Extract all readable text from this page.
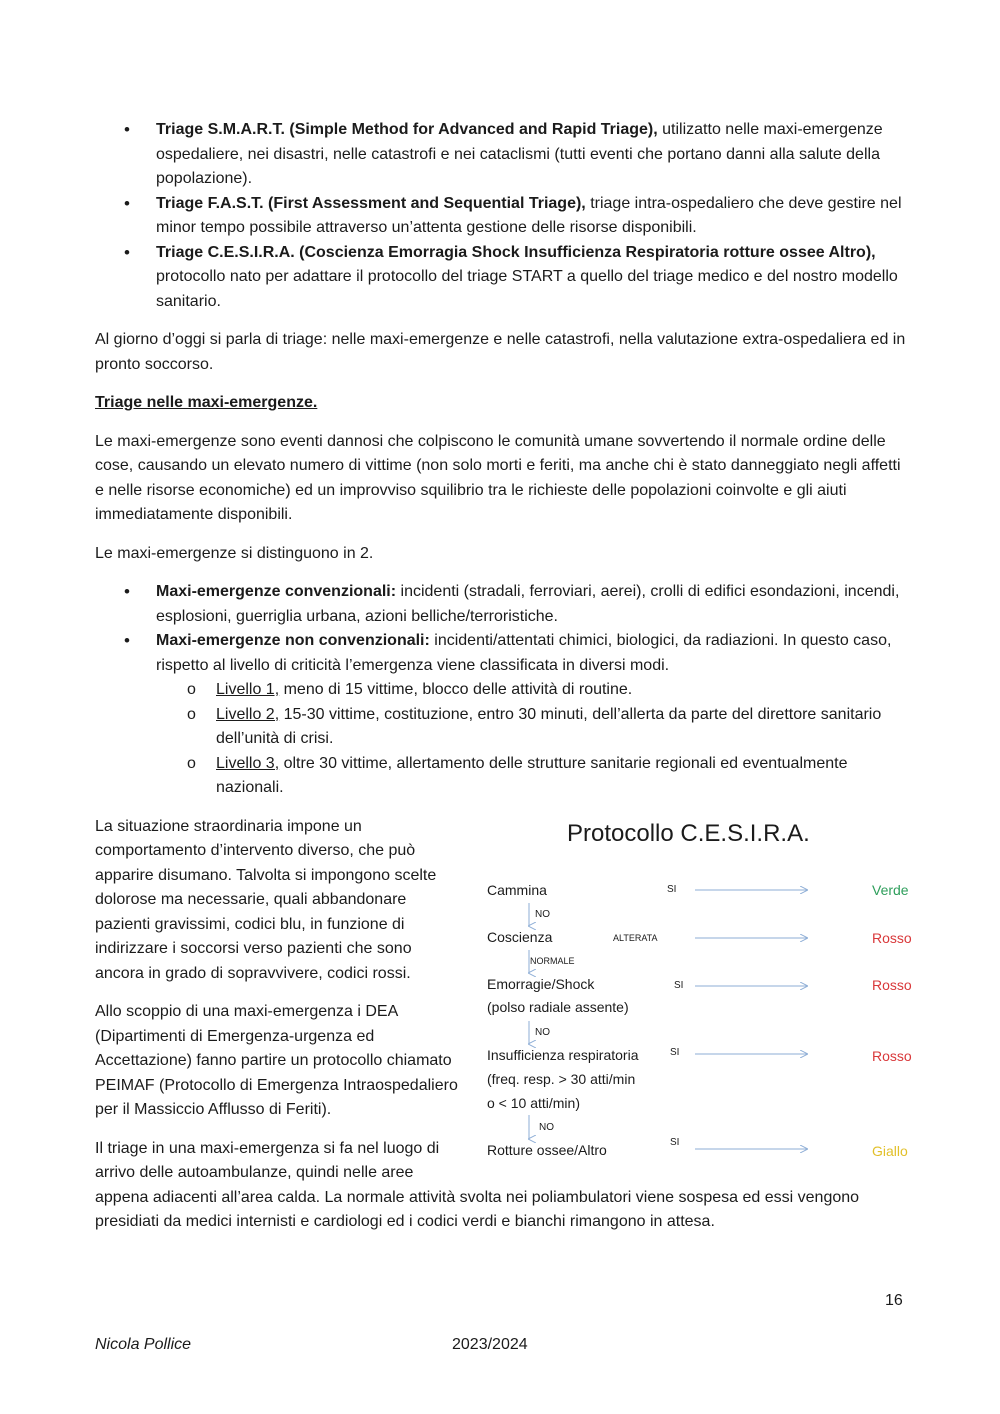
• Triage S.M.A.R.T. (Simple Method for Advanced and Rapid Triage), utilizatto nelle maxi-emergenze ospedaliere, nei disastri, nelle catastrofi e nei cataclismi (tutti eventi che portano danni alla salute della popolazione).
• Triage F.A.S.T. (First Assessment and Sequential Triage), triage intra-ospedaliero che deve gestire nel minor tempo possibile attraverso un’attenta gestione delle risorse disponibili.
• Triage C.E.S.I.R.A. (Coscienza Emorragia Shock Insufficienza Respiratoria rotture ossee Altro), protocollo nato per adattare il protocollo del triage START a quello del triage medico e del nostro modello sanitario.

Al giorno d’oggi si parla di triage: nelle maxi-emergenze e nelle catastrofi, nella valutazione extra-ospedaliera ed in pronto soccorso.

Triage nelle maxi-emergenze.

Le maxi-emergenze sono eventi dannosi che colpiscono le comunità umane sovvertendo il normale ordine delle cose, causando un elevato numero di vittime (non solo morti e feriti, ma anche chi è stato danneggiato negli affetti e nelle risorse economiche) ed un improvviso squilibrio tra le richieste delle popolazioni coinvolte e gli aiuti immediatamente disponibili.

Le maxi-emergenze si distinguono in 2.

• Maxi-emergenze convenzionali: incidenti (stradali, ferroviari, aerei), crolli di edifici esondazioni, incendi, esplosioni, guerriglia urbana, azioni belliche/terroristiche.
• Maxi-emergenze non convenzionali: incidenti/attentati chimici, biologici, da radiazioni. In questo caso, rispetto al livello di criticità l’emergenza viene classificata in diversi modi.
o Livello 1, meno di 15 vittime, blocco delle attività di routine.
o Livello 2, 15-30 vittime, costituzione, entro 30 minuti, dell’allerta da parte del direttore sanitario dell’unità di crisi.
o Livello 3, oltre 30 vittime, allertamento delle strutture sanitarie regionali ed eventualmente nazionali.
Protocollo C.E.S.I.R.A.
Cammina	SI	Verde
NO
Coscienza	ALTERATA	Rosso
NORMALE
Emorragie/Shock
(polso radiale assente)
SI	Rosso
NO
Insufficienza respiratoria
(freq. resp. > 30 atti/min
o < 10 atti/min)
SI	Rosso
NO
Rotture ossee/Altro	SI
Giallo

La situazione straordinaria impone un comportamento d’intervento diverso, che può apparire disumano. Talvolta si impongono scelte dolorose ma necessarie, quali abbandonare pazienti gravissimi, codici blu, in funzione di indirizzare i soccorsi verso pazienti che sono ancora in grado di sopravvivere, codici rossi.

Allo scoppio di una maxi-emergenza i DEA (Dipartimenti di Emergenza-urgenza ed Accettazione) fanno partire un protocollo chiamato PEIMAF (Protocollo di Emergenza Intraospedaliero per il Massiccio Afflusso di Feriti).

Il triage in una maxi-emergenza si fa nel luogo di arrivo delle autoambulanze, quindi nelle aree appena adiacenti all’area calda. La normale attività svolta nei poliambulatori viene sospesa ed essi vengono presidiati da medici internisti e cardiologi ed i codici verdi e bianchi rimangono in attesa.

16
Nicola Pollice	2023/2024
